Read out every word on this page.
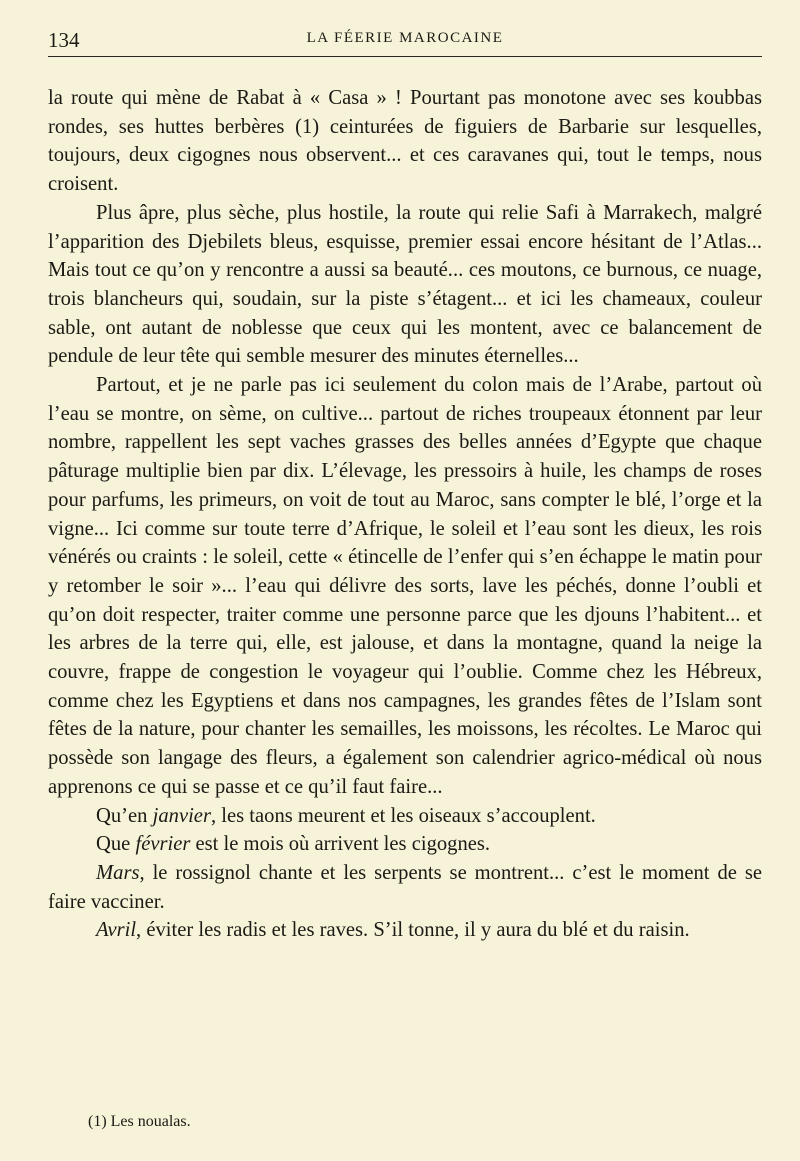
134	LA FÉERIE MAROCAINE

la route qui mène de Rabat à « Casa » ! Pourtant pas monotone avec ses koubbas rondes, ses huttes berbères (1) ceinturées de figuiers de Barbarie sur lesquelles, toujours, deux cigognes nous observent... et ces caravanes qui, tout le temps, nous croisent.

Plus âpre, plus sèche, plus hostile, la route qui relie Safi à Marrakech, malgré l’apparition des Djebilets bleus, esquisse, premier essai encore hésitant de l’Atlas... Mais tout ce qu’on y rencontre a aussi sa beauté... ces moutons, ce burnous, ce nuage, trois blancheurs qui, soudain, sur la piste s’étagent... et ici les chameaux, couleur sable, ont autant de noblesse que ceux qui les montent, avec ce balancement de pendule de leur tête qui semble mesurer des minutes éternelles...

Partout, et je ne parle pas ici seulement du colon mais de l’Arabe, partout où l’eau se montre, on sème, on cultive... partout de riches troupeaux étonnent par leur nombre, rappellent les sept vaches grasses des belles années d’Egypte que chaque pâturage multiplie bien par dix. L’élevage, les pressoirs à huile, les champs de roses pour parfums, les primeurs, on voit de tout au Maroc, sans compter le blé, l’orge et la vigne... Ici comme sur toute terre d’Afrique, le soleil et l’eau sont les dieux, les rois vénérés ou craints : le soleil, cette « étincelle de l’enfer qui s’en échappe le matin pour y retomber le soir »... l’eau qui délivre des sorts, lave les péchés, donne l’oubli et qu’on doit respecter, traiter comme une personne parce que les djouns l’habitent... et les arbres de la terre qui, elle, est jalouse, et dans la montagne, quand la neige la couvre, frappe de congestion le voyageur qui l’oublie. Comme chez les Hébreux, comme chez les Egyptiens et dans nos campagnes, les grandes fêtes de l’Islam sont fêtes de la nature, pour chanter les semailles, les moissons, les récoltes. Le Maroc qui possède son langage des fleurs, a également son calendrier agrico-médical où nous apprenons ce qui se passe et ce qu’il faut faire...

Qu’en janvier, les taons meurent et les oiseaux s’accouplent.

Que février est le mois où arrivent les cigognes.

Mars, le rossignol chante et les serpents se montrent... c’est le moment de se faire vacciner.

Avril, éviter les radis et les raves. S’il tonne, il y aura du blé et du raisin.

(1) Les noualas.
